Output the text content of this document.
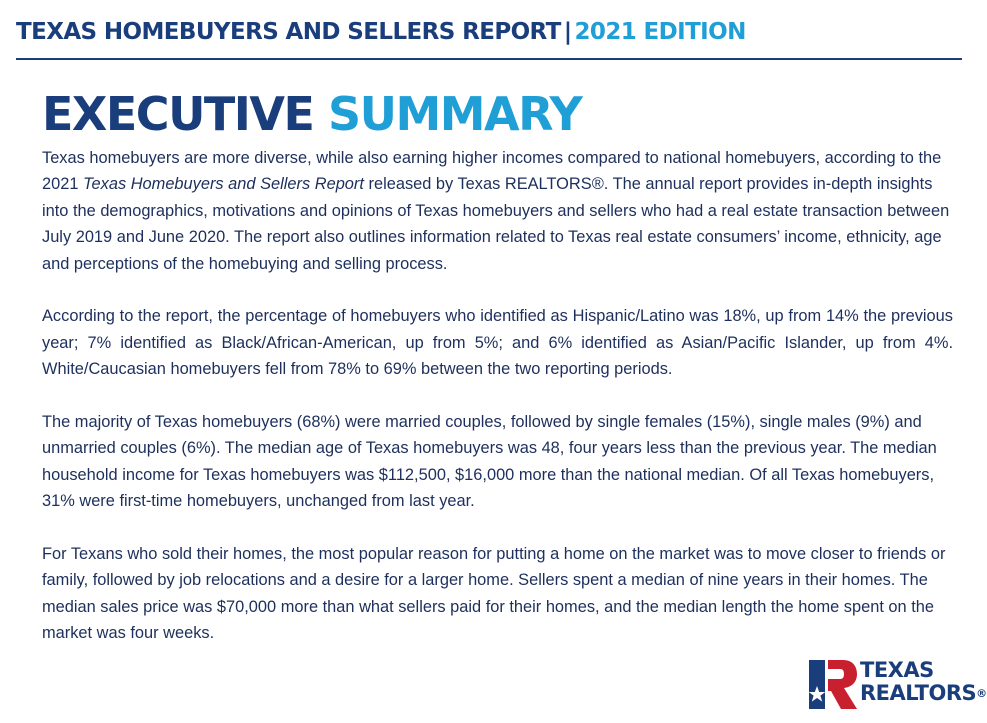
TEXAS HOMEBUYERS AND SELLERS REPORT | 2021 EDITION
EXECUTIVE SUMMARY

Texas homebuyers are more diverse, while also earning higher incomes compared to national homebuyers, according to the 2021 Texas Homebuyers and Sellers Report released by Texas REALTORS®. The annual report provides in-depth insights into the demographics, motivations and opinions of Texas homebuyers and sellers who had a real estate transaction between July 2019 and June 2020. The report also outlines information related to Texas real estate consumers’ income, ethnicity, age and perceptions of the homebuying and selling process.

According to the report, the percentage of homebuyers who identified as Hispanic/Latino was 18%, up from 14% the previous year; 7% identified as Black/African-American, up from 5%; and 6% identified as Asian/Pacific Islander, up from 4%. White/Caucasian homebuyers fell from 78% to 69% between the two reporting periods.

The majority of Texas homebuyers (68%) were married couples, followed by single females (15%), single males (9%) and unmarried couples (6%). The median age of Texas homebuyers was 48, four years less than the previous year. The median household income for Texas homebuyers was $112,500, $16,000 more than the national median. Of all Texas homebuyers, 31% were first-time homebuyers, unchanged from last year.

For Texans who sold their homes, the most popular reason for putting a home on the market was to move closer to friends or family, followed by job relocations and a desire for a larger home. Sellers spent a median of nine years in their homes. The median sales price was $70,000 more than what sellers paid for their homes, and the median length the home spent on the market was four weeks.

TEXAS
REALTORS®
